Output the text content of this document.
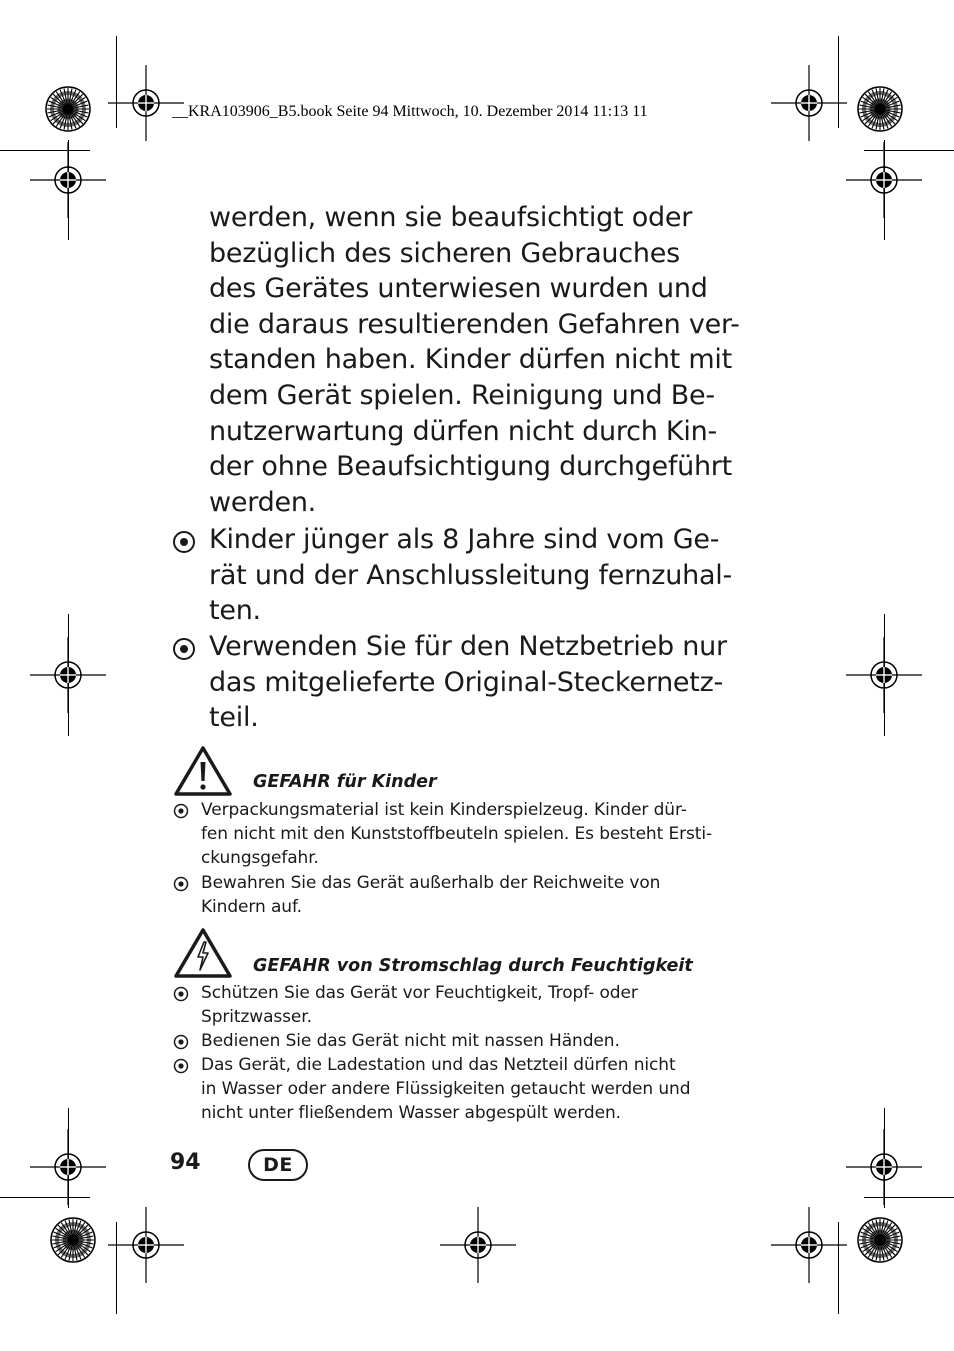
__KRA103906_B5.book Seite 94 Mittwoch, 10. Dezember 2014 11:13 11
werden, wenn sie beaufsichtigt oder
bezüglich des sicheren Gebrauches
des Gerätes unterwiesen wurden und
die daraus resultierenden Gefahren ver-
standen haben. Kinder dürfen nicht mit
dem Gerät spielen. Reinigung und Be-
nutzerwartung dürfen nicht durch Kin-
der ohne Beaufsichtigung durchgeführt
werden.
Kinder jünger als 8 Jahre sind vom Ge-
rät und der Anschlussleitung fernzuhal-
ten.
Verwenden Sie für den Netzbetrieb nur
das mitgelieferte Original-Steckernetz-
teil.
GEFAHR für Kinder
Verpackungsmaterial ist kein Kinderspielzeug. Kinder dür-
fen nicht mit den Kunststoffbeuteln spielen. Es besteht Ersti-
ckungsgefahr.
Bewahren Sie das Gerät außerhalb der Reichweite von
Kindern auf.
GEFAHR von Stromschlag durch Feuchtigkeit
Schützen Sie das Gerät vor Feuchtigkeit, Tropf- oder
Spritzwasser.
Bedienen Sie das Gerät nicht mit nassen Händen.
Das Gerät, die Ladestation und das Netzteil dürfen nicht
in Wasser oder andere Flüssigkeiten getaucht werden und
nicht unter fließendem Wasser abgespült werden.
94	DE
